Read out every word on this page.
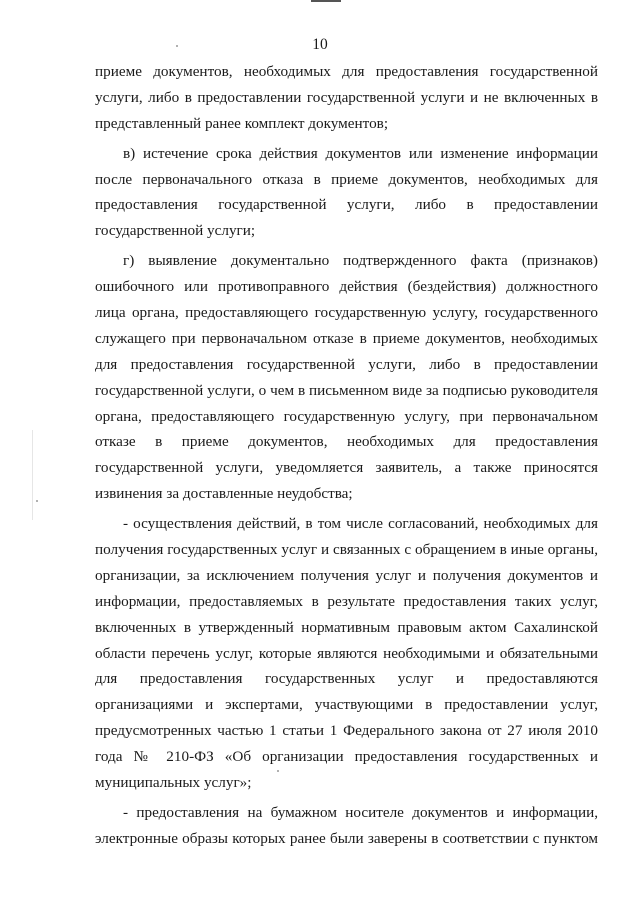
10
приеме документов, необходимых для предоставления государственной
услуги, либо в предоставлении государственной услуги и не включенных в
представленный ранее комплект документов;
в) истечение срока действия документов или изменение информации
после первоначального отказа в приеме документов, необходимых для
предоставления государственной услуги, либо в предоставлении
государственной услуги;
г) выявление документально подтвержденного факта (признаков)
ошибочного или противоправного действия (бездействия) должностного
лица органа, предоставляющего государственную услугу, государственного
служащего при первоначальном отказе в приеме документов, необходимых
для предоставления государственной услуги, либо в предоставлении
государственной услуги, о чем в письменном виде за подписью руководителя
органа, предоставляющего государственную услугу, при первоначальном
отказе в приеме документов, необходимых для предоставления
государственной услуги, уведомляется заявитель, а также приносятся
извинения за доставленные неудобства;
- осуществления действий, в том числе согласований, необходимых для
получения государственных услуг и связанных с обращением в иные органы,
организации, за исключением получения услуг и получения документов и
информации, предоставляемых в результате предоставления таких услуг,
включенных в утвержденный нормативным правовым актом Сахалинской
области перечень услуг, которые являются необходимыми и обязательными
для предоставления государственных услуг и предоставляются
организациями и экспертами, участвующими в предоставлении услуг,
предусмотренных частью 1 статьи 1 Федерального закона от 27 июля 2010
года № 210-ФЗ «Об организации предоставления государственных и
муниципальных услуг»;
- предоставления на бумажном носителе документов и информации,
электронные образы которых ранее были заверены в соответствии с пунктом
